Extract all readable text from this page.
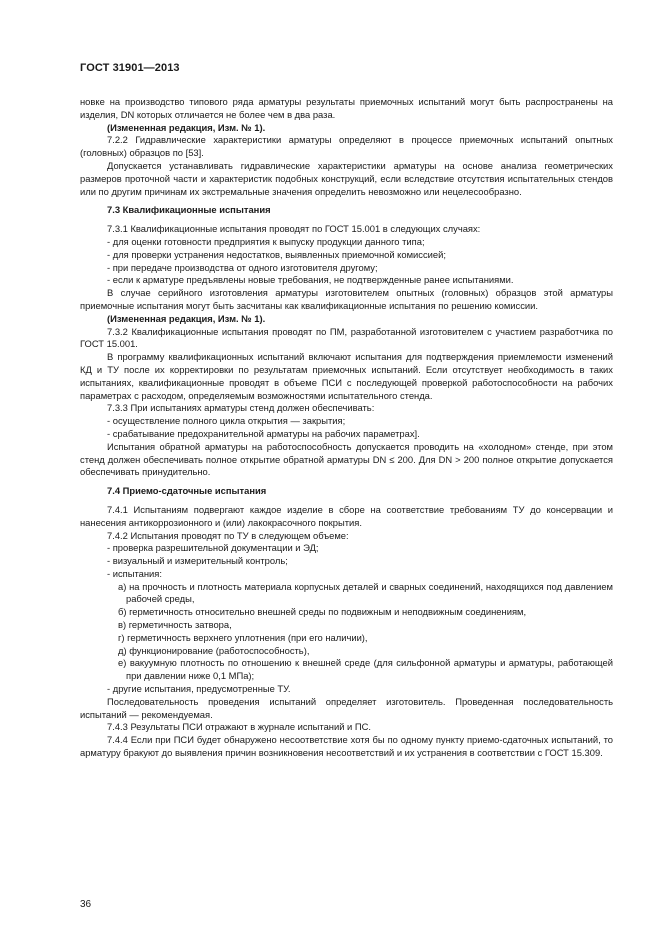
ГОСТ 31901—2013

новке на производство типового ряда арматуры результаты приемочных испытаний могут быть распространены на изделия, DN которых отличается не более чем в два раза.

(Измененная редакция, Изм. № 1).

7.2.2 Гидравлические характеристики арматуры определяют в процессе приемочных испытаний опытных (головных) образцов по [53].

Допускается устанавливать гидравлические характеристики арматуры на основе анализа геометрических размеров проточной части и характеристик подобных конструкций, если вследствие отсутствия испытательных стендов или по другим причинам их экстремальные значения определить невозможно или нецелесообразно.

7.3 Квалификационные испытания

7.3.1 Квалификационные испытания проводят по ГОСТ 15.001 в следующих случаях:

- для оценки готовности предприятия к выпуску продукции данного типа;

- для проверки устранения недостатков, выявленных приемочной комиссией;

- при передаче производства от одного изготовителя другому;

- если к арматуре предъявлены новые требования, не подтвержденные ранее испытаниями.

В случае серийного изготовления арматуры изготовителем опытных (головных) образцов этой арматуры приемочные испытания могут быть засчитаны как квалификационные испытания по решению комиссии.

(Измененная редакция, Изм. № 1).

7.3.2 Квалификационные испытания проводят по ПМ, разработанной изготовителем с участием разработчика по ГОСТ 15.001.

В программу квалификационных испытаний включают испытания для подтверждения приемлемости изменений КД и ТУ после их корректировки по результатам приемочных испытаний. Если отсутствует необходимость в таких испытаниях, квалификационные проводят в объеме ПСИ с последующей проверкой работоспособности на рабочих параметрах с расходом, определяемым возможностями испытательного стенда.

7.3.3 При испытаниях арматуры стенд должен обеспечивать:

- осуществление полного цикла открытия — закрытия;

- срабатывание предохранительной арматуры на рабочих параметрах].

Испытания обратной арматуры на работоспособность допускается проводить на «холодном» стенде, при этом стенд должен обеспечивать полное открытие обратной арматуры DN ≤ 200. Для DN > 200 полное открытие допускается обеспечивать принудительно.

7.4 Приемо-сдаточные испытания

7.4.1 Испытаниям подвергают каждое изделие в сборе на соответствие требованиям ТУ до консервации и нанесения антикоррозионного и (или) лакокрасочного покрытия.

7.4.2 Испытания проводят по ТУ в следующем объеме:

- проверка разрешительной документации и ЭД;

- визуальный и измерительный контроль;

- испытания:

а) на прочность и плотность материала корпусных деталей и сварных соединений, находящихся под давлением рабочей среды,

б) герметичность относительно внешней среды по подвижным и неподвижным соединениям,

в) герметичность затвора,

г) герметичность верхнего уплотнения (при его наличии),

д) функционирование (работоспособность),

е) вакуумную плотность по отношению к внешней среде (для сильфонной арматуры и арматуры, работающей при давлении ниже 0,1 МПа);

- другие испытания, предусмотренные ТУ.

Последовательность проведения испытаний определяет изготовитель. Проведенная последовательность испытаний — рекомендуемая.

7.4.3 Результаты ПСИ отражают в журнале испытаний и ПС.

7.4.4 Если при ПСИ будет обнаружено несоответствие хотя бы по одному пункту приемо-сдаточных испытаний, то арматуру бракуют до выявления причин возникновения несоответствий и их устранения в соответствии с ГОСТ 15.309.

36
